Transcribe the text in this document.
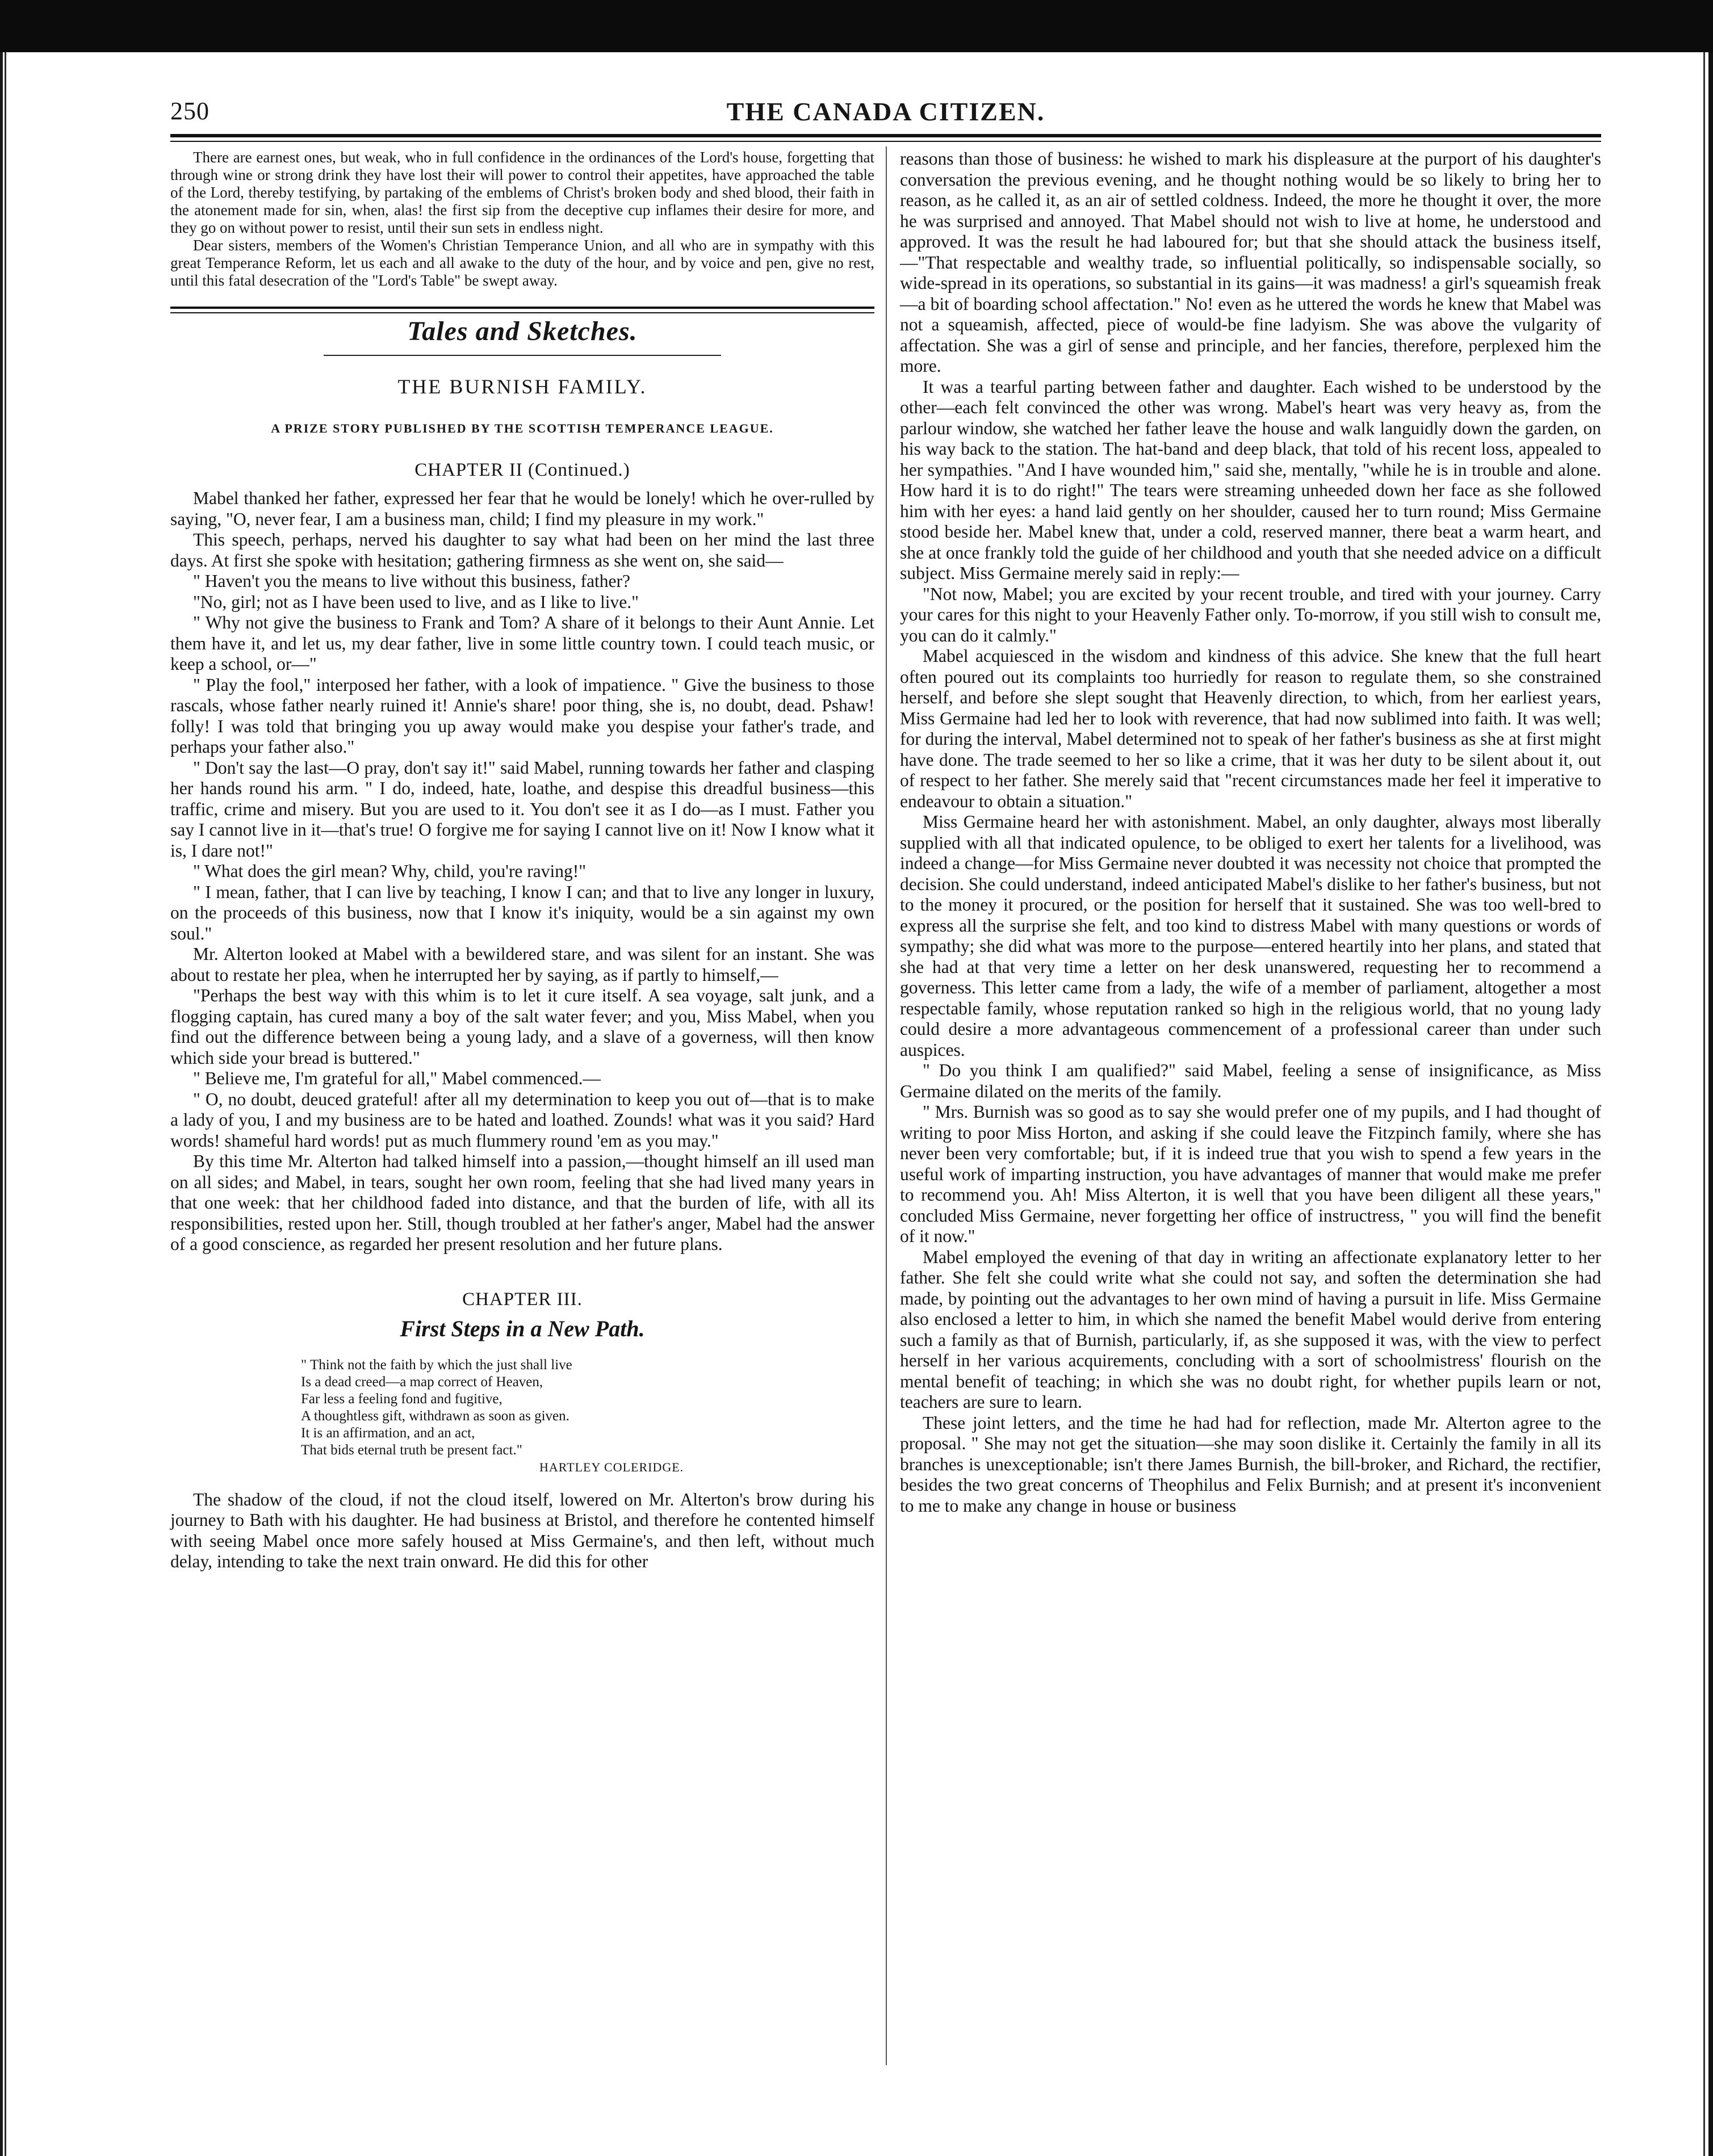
250	THE CANADA CITIZEN.

There are earnest ones, but weak, who in full confidence in the ordinances of the Lord's house, forgetting that through wine or strong drink they have lost their will power to control their appetites, have approached the table of the Lord, thereby testifying, by partaking of the emblems of Christ's broken body and shed blood, their faith in the atonement made for sin, when, alas! the first sip from the deceptive cup inflames their desire for more, and they go on without power to resist, until their sun sets in endless night.

Dear sisters, members of the Women's Christian Temperance Union, and all who are in sympathy with this great Temperance Reform, let us each and all awake to the duty of the hour, and by voice and pen, give no rest, until this fatal desecration of the "Lord's Table" be swept away.

Tales and Sketches.
THE BURNISH FAMILY.
A PRIZE STORY PUBLISHED BY THE SCOTTISH TEMPERANCE LEAGUE.
CHAPTER II (Continued.)

Mabel thanked her father, expressed her fear that he would be lonely! which he over-rulled by saying, "O, never fear, I am a business man, child; I find my pleasure in my work."

This speech, perhaps, nerved his daughter to say what had been on her mind the last three days. At first she spoke with hesitation; gathering firmness as she went on, she said—

" Haven't you the means to live without this business, father?

"No, girl; not as I have been used to live, and as I like to live."

" Why not give the business to Frank and Tom? A share of it belongs to their Aunt Annie. Let them have it, and let us, my dear father, live in some little country town. I could teach music, or keep a school, or—"

" Play the fool," interposed her father, with a look of impatience. " Give the business to those rascals, whose father nearly ruined it! Annie's share! poor thing, she is, no doubt, dead. Pshaw! folly! I was told that bringing you up away would make you despise your father's trade, and perhaps your father also."

" Don't say the last—O pray, don't say it!" said Mabel, running towards her father and clasping her hands round his arm. " I do, indeed, hate, loathe, and despise this dreadful business—this traffic, crime and misery. But you are used to it. You don't see it as I do—as I must. Father you say I cannot live in it—that's true! O forgive me for saying I cannot live on it! Now I know what it is, I dare not!"

" What does the girl mean? Why, child, you're raving!"

" I mean, father, that I can live by teaching, I know I can; and that to live any longer in luxury, on the proceeds of this business, now that I know it's iniquity, would be a sin against my own soul."

Mr. Alterton looked at Mabel with a bewildered stare, and was silent for an instant. She was about to restate her plea, when he interrupted her by saying, as if partly to himself,—

"Perhaps the best way with this whim is to let it cure itself. A sea voyage, salt junk, and a flogging captain, has cured many a boy of the salt water fever; and you, Miss Mabel, when you find out the difference between being a young lady, and a slave of a governess, will then know which side your bread is buttered."

" Believe me, I'm grateful for all," Mabel commenced.—

" O, no doubt, deuced grateful! after all my determination to keep you out of—that is to make a lady of you, I and my business are to be hated and loathed. Zounds! what was it you said? Hard words! shameful hard words! put as much flummery round 'em as you may."

By this time Mr. Alterton had talked himself into a passion,—thought himself an ill used man on all sides; and Mabel, in tears, sought her own room, feeling that she had lived many years in that one week: that her childhood faded into distance, and that the burden of life, with all its responsibilities, rested upon her. Still, though troubled at her father's anger, Mabel had the answer of a good conscience, as regarded her present resolution and her future plans.

CHAPTER III.
First Steps in a New Path.
" Think not the faith by which the just shall live
Is a dead creed—a map correct of Heaven,
Far less a feeling fond and fugitive,
A thoughtless gift, withdrawn as soon as given.
It is an affirmation, and an act,
That bids eternal truth be present fact."
HARTLEY COLERIDGE.

The shadow of the cloud, if not the cloud itself, lowered on Mr. Alterton's brow during his journey to Bath with his daughter. He had business at Bristol, and therefore he contented himself with seeing Mabel once more safely housed at Miss Germaine's, and then left, without much delay, intending to take the next train onward. He did this for other

reasons than those of business: he wished to mark his displeasure at the purport of his daughter's conversation the previous evening, and he thought nothing would be so likely to bring her to reason, as he called it, as an air of settled coldness. Indeed, the more he thought it over, the more he was surprised and annoyed. That Mabel should not wish to live at home, he understood and approved. It was the result he had laboured for; but that she should attack the business itself,—"That respectable and wealthy trade, so influential politically, so indispensable socially, so wide-spread in its operations, so substantial in its gains—it was madness! a girl's squeamish freak—a bit of boarding school affectation." No! even as he uttered the words he knew that Mabel was not a squeamish, affected, piece of would-be fine ladyism. She was above the vulgarity of affectation. She was a girl of sense and principle, and her fancies, therefore, perplexed him the more.

It was a tearful parting between father and daughter. Each wished to be understood by the other—each felt convinced the other was wrong. Mabel's heart was very heavy as, from the parlour window, she watched her father leave the house and walk languidly down the garden, on his way back to the station. The hat-band and deep black, that told of his recent loss, appealed to her sympathies. "And I have wounded him," said she, mentally, "while he is in trouble and alone. How hard it is to do right!" The tears were streaming unheeded down her face as she followed him with her eyes: a hand laid gently on her shoulder, caused her to turn round; Miss Germaine stood beside her. Mabel knew that, under a cold, reserved manner, there beat a warm heart, and she at once frankly told the guide of her childhood and youth that she needed advice on a difficult subject. Miss Germaine merely said in reply:—

"Not now, Mabel; you are excited by your recent trouble, and tired with your journey. Carry your cares for this night to your Heavenly Father only. To-morrow, if you still wish to consult me, you can do it calmly."

Mabel acquiesced in the wisdom and kindness of this advice. She knew that the full heart often poured out its complaints too hurriedly for reason to regulate them, so she constrained herself, and before she slept sought that Heavenly direction, to which, from her earliest years, Miss Germaine had led her to look with reverence, that had now sublimed into faith. It was well; for during the interval, Mabel determined not to speak of her father's business as she at first might have done. The trade seemed to her so like a crime, that it was her duty to be silent about it, out of respect to her father. She merely said that "recent circumstances made her feel it imperative to endeavour to obtain a situation."

Miss Germaine heard her with astonishment. Mabel, an only daughter, always most liberally supplied with all that indicated opulence, to be obliged to exert her talents for a livelihood, was indeed a change—for Miss Germaine never doubted it was necessity not choice that prompted the decision. She could understand, indeed anticipated Mabel's dislike to her father's business, but not to the money it procured, or the position for herself that it sustained. She was too well-bred to express all the surprise she felt, and too kind to distress Mabel with many questions or words of sympathy; she did what was more to the purpose—entered heartily into her plans, and stated that she had at that very time a letter on her desk unanswered, requesting her to recommend a governess. This letter came from a lady, the wife of a member of parliament, altogether a most respectable family, whose reputation ranked so high in the religious world, that no young lady could desire a more advantageous commencement of a professional career than under such auspices.

" Do you think I am qualified?" said Mabel, feeling a sense of insignificance, as Miss Germaine dilated on the merits of the family.

" Mrs. Burnish was so good as to say she would prefer one of my pupils, and I had thought of writing to poor Miss Horton, and asking if she could leave the Fitzpinch family, where she has never been very comfortable; but, if it is indeed true that you wish to spend a few years in the useful work of imparting instruction, you have advantages of manner that would make me prefer to recommend you. Ah! Miss Alterton, it is well that you have been diligent all these years," concluded Miss Germaine, never forgetting her office of instructress, " you will find the benefit of it now."

Mabel employed the evening of that day in writing an affectionate explanatory letter to her father. She felt she could write what she could not say, and soften the determination she had made, by pointing out the advantages to her own mind of having a pursuit in life. Miss Germaine also enclosed a letter to him, in which she named the benefit Mabel would derive from entering such a family as that of Burnish, particularly, if, as she supposed it was, with the view to perfect herself in her various acquirements, concluding with a sort of schoolmistress' flourish on the mental benefit of teaching; in which she was no doubt right, for whether pupils learn or not, teachers are sure to learn.

These joint letters, and the time he had had for reflection, made Mr. Alterton agree to the proposal. " She may not get the situation—she may soon dislike it. Certainly the family in all its branches is unexceptionable; isn't there James Burnish, the bill-broker, and Richard, the rectifier, besides the two great concerns of Theophilus and Felix Burnish; and at present it's inconvenient to me to make any change in house or business
